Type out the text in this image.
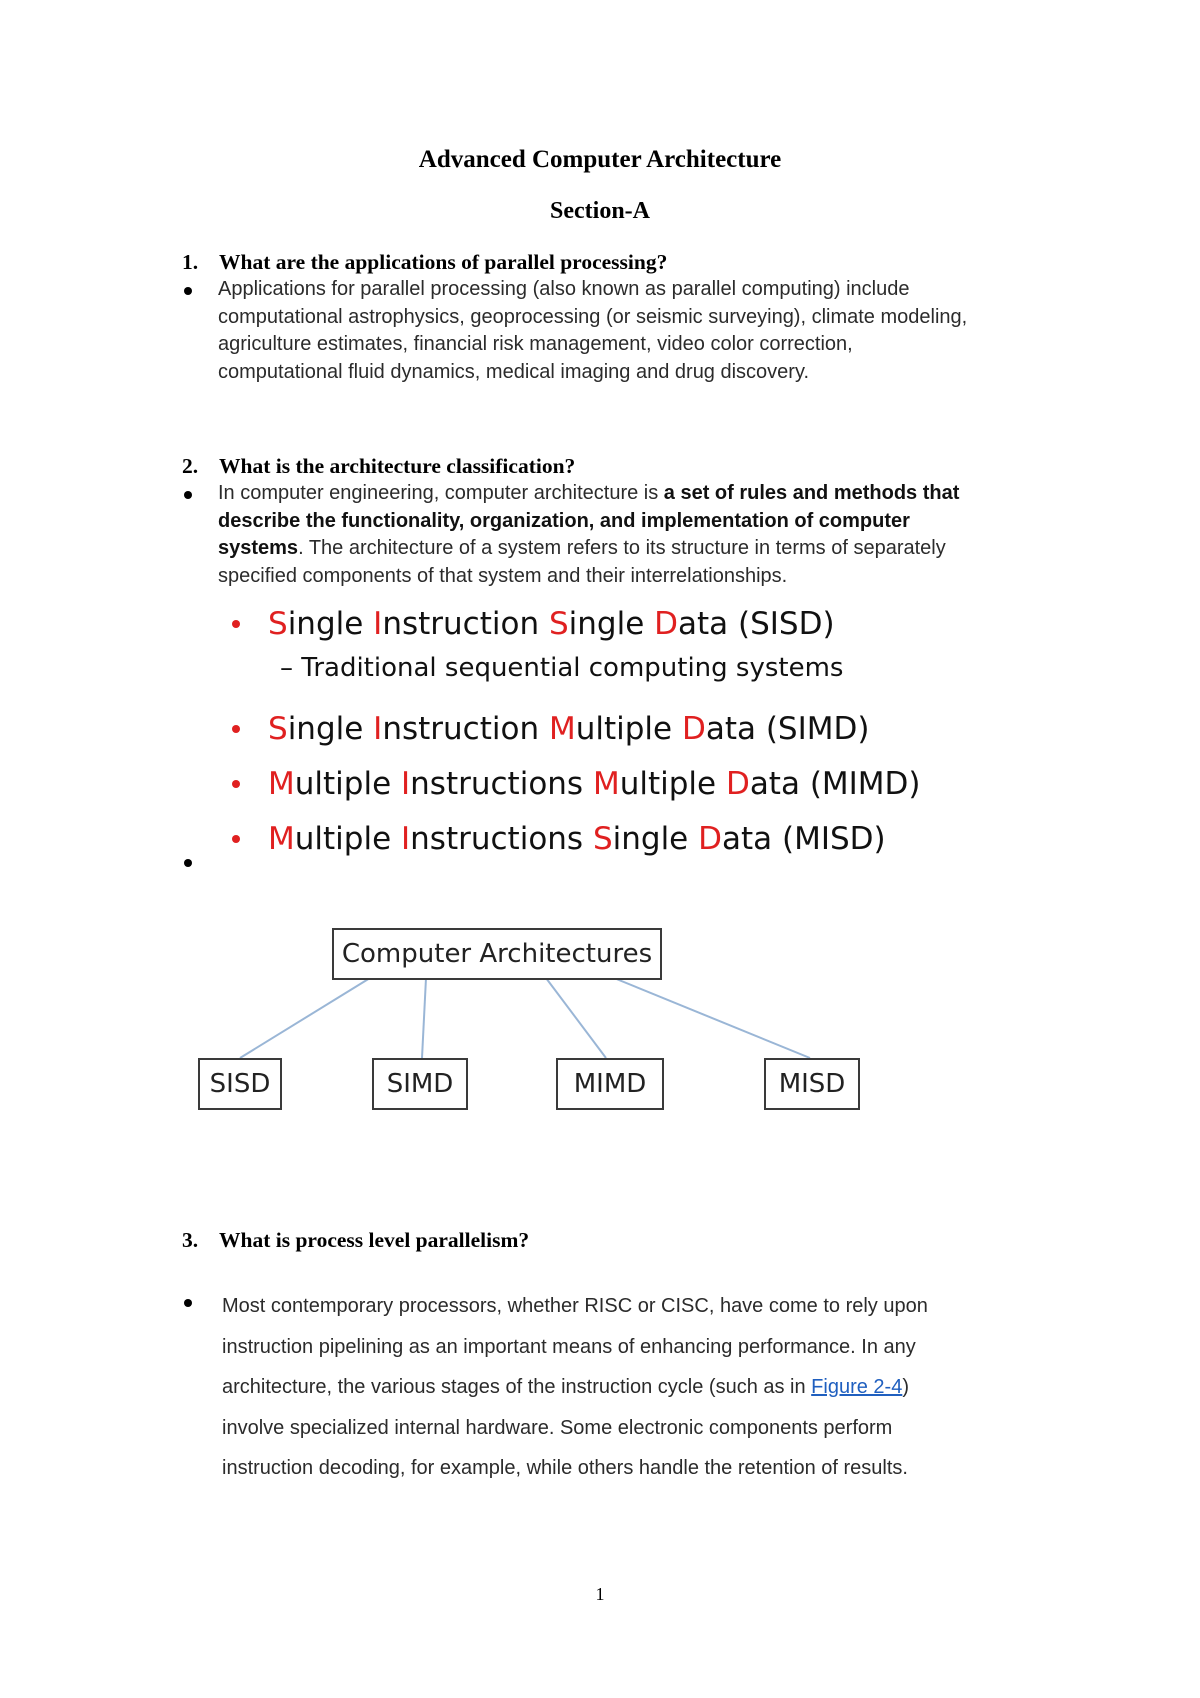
Advanced Computer Architecture
Section-A
1. What are the applications of parallel processing?
Applications for parallel processing (also known as parallel computing) include
computational astrophysics, geoprocessing (or seismic surveying), climate modeling,
agriculture estimates, financial risk management, video color correction,
computational fluid dynamics, medical imaging and drug discovery.
2. What is the architecture classification?
In computer engineering, computer architecture is a set of rules and methods that
describe the functionality, organization, and implementation of computer
systems. The architecture of a system refers to its structure in terms of separately
specified components of that system and their interrelationships.
Single Instruction Single Data (SISD)
– Traditional sequential computing systems
Single Instruction Multiple Data (SIMD)
Multiple Instructions Multiple Data (MIMD)
Multiple Instructions Single Data (MISD)
Computer Architectures
SISD	SIMD	MIMD	MISD
3. What is process level parallelism?
Most contemporary processors, whether RISC or CISC, have come to rely upon
instruction pipelining as an important means of enhancing performance. In any
architecture, the various stages of the instruction cycle (such as in Figure 2-4)
involve specialized internal hardware. Some electronic components perform
instruction decoding, for example, while others handle the retention of results.
1
